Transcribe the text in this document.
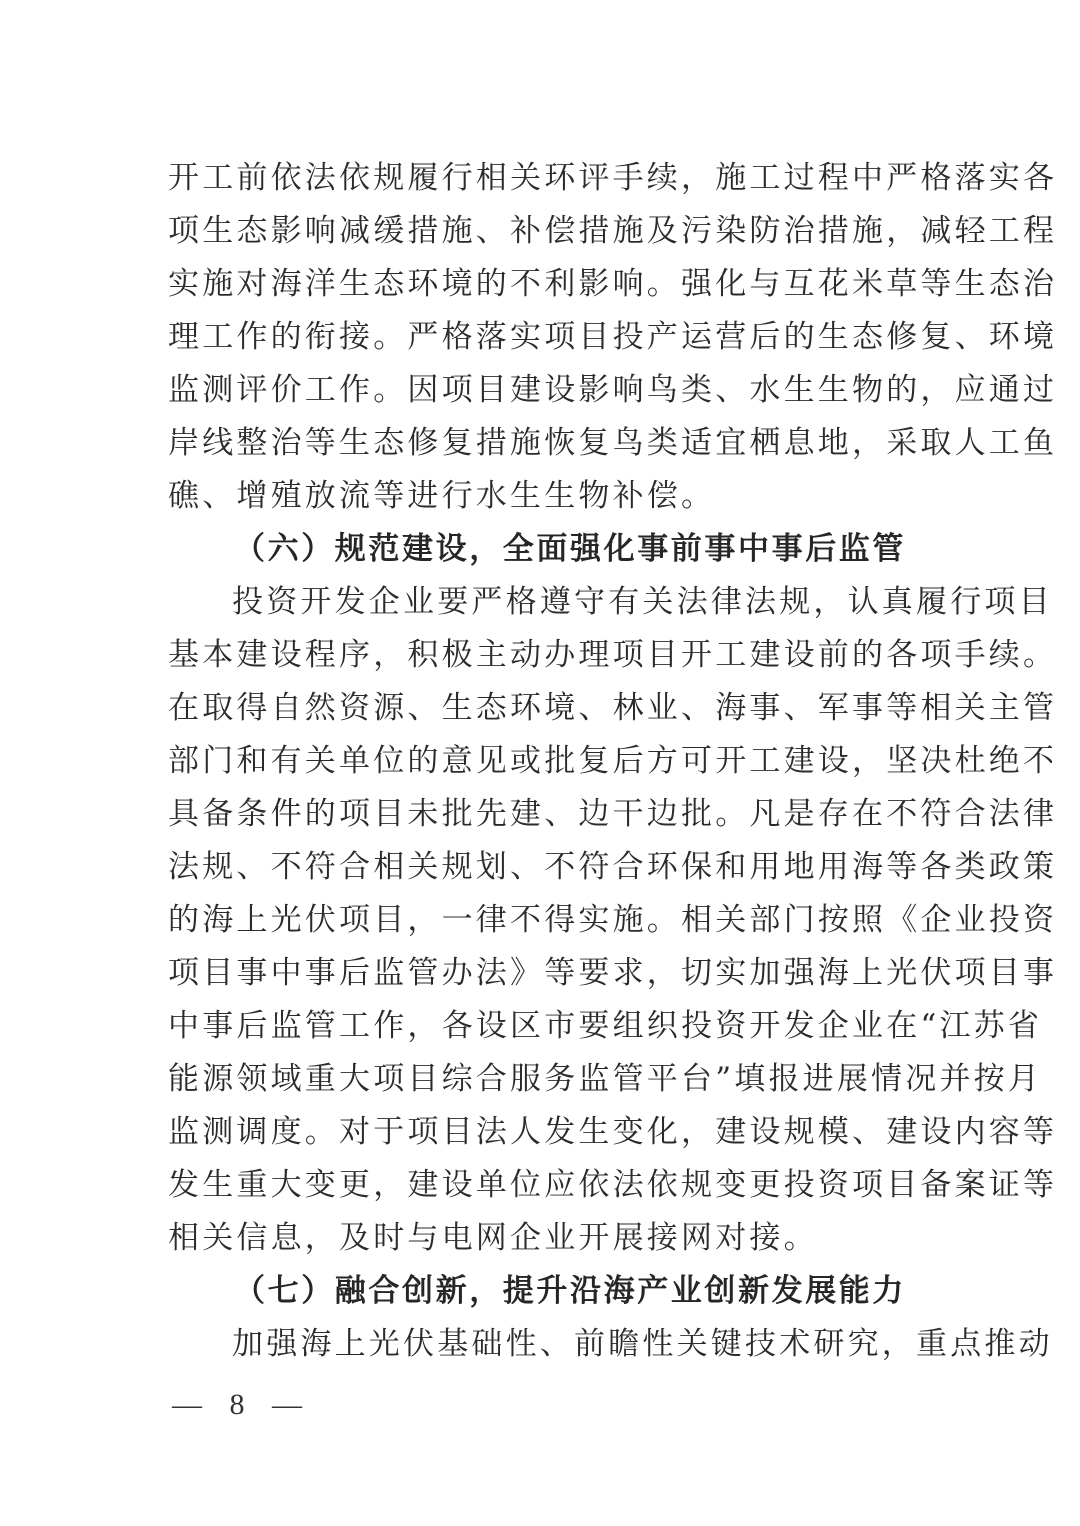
开工前依法依规履行相关环评手续，施工过程中严格落实各
项生态影响减缓措施、补偿措施及污染防治措施，减轻工程
实施对海洋生态环境的不利影响。强化与互花米草等生态治
理工作的衔接。严格落实项目投产运营后的生态修复、环境
监测评价工作。因项目建设影响鸟类、水生生物的，应通过
岸线整治等生态修复措施恢复鸟类适宜栖息地，采取人工鱼
礁、增殖放流等进行水生生物补偿。
（六）规范建设，全面强化事前事中事后监管
投资开发企业要严格遵守有关法律法规，认真履行项目
基本建设程序，积极主动办理项目开工建设前的各项手续。
在取得自然资源、生态环境、林业、海事、军事等相关主管
部门和有关单位的意见或批复后方可开工建设，坚决杜绝不
具备条件的项目未批先建、边干边批。凡是存在不符合法律
法规、不符合相关规划、不符合环保和用地用海等各类政策
的海上光伏项目，一律不得实施。相关部门按照《企业投资
项目事中事后监管办法》等要求，切实加强海上光伏项目事
中事后监管工作，各设区市要组织投资开发企业在“江苏省
能源领域重大项目综合服务监管平台”填报进展情况并按月
监测调度。对于项目法人发生变化，建设规模、建设内容等
发生重大变更，建设单位应依法依规变更投资项目备案证等
相关信息，及时与电网企业开展接网对接。
（七）融合创新，提升沿海产业创新发展能力
加强海上光伏基础性、前瞻性关键技术研究，重点推动
— 8 —
